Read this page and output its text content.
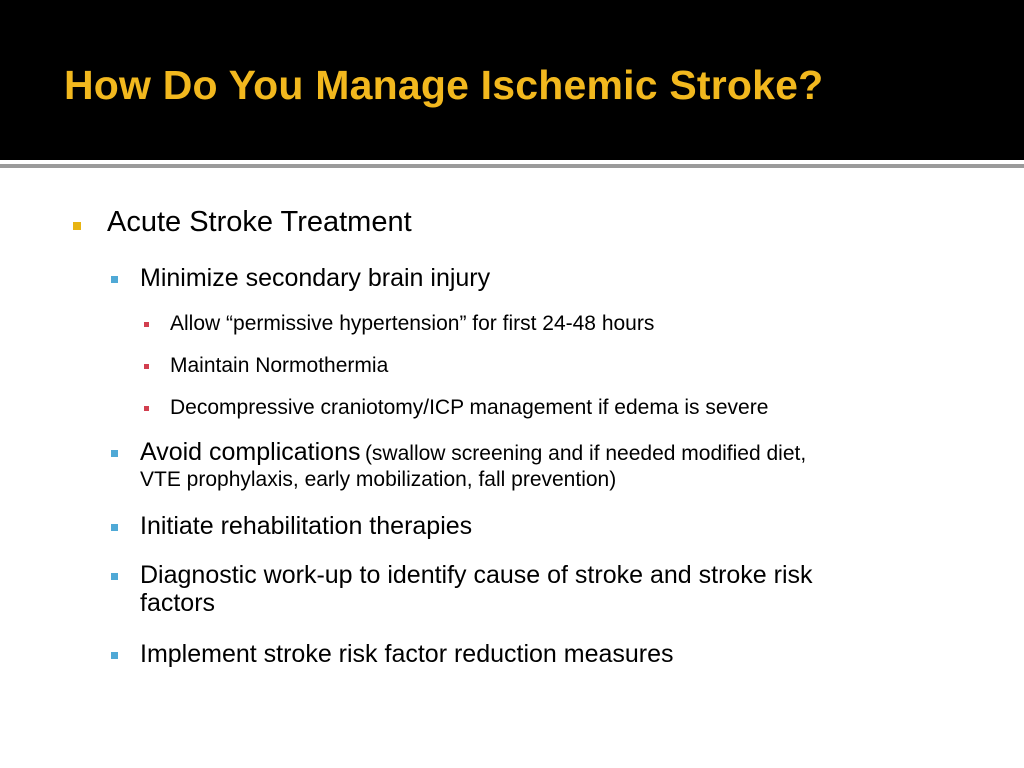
How Do You Manage Ischemic Stroke?
Acute Stroke Treatment
Minimize secondary brain injury
Allow “permissive hypertension” for first 24-48 hours
Maintain Normothermia
Decompressive craniotomy/ICP management if edema is severe
Avoid complications (swallow screening and if needed modified diet,
VTE prophylaxis, early mobilization, fall prevention)
Initiate rehabilitation therapies
Diagnostic work-up to identify cause of stroke and stroke risk
factors
Implement stroke risk factor reduction measures
